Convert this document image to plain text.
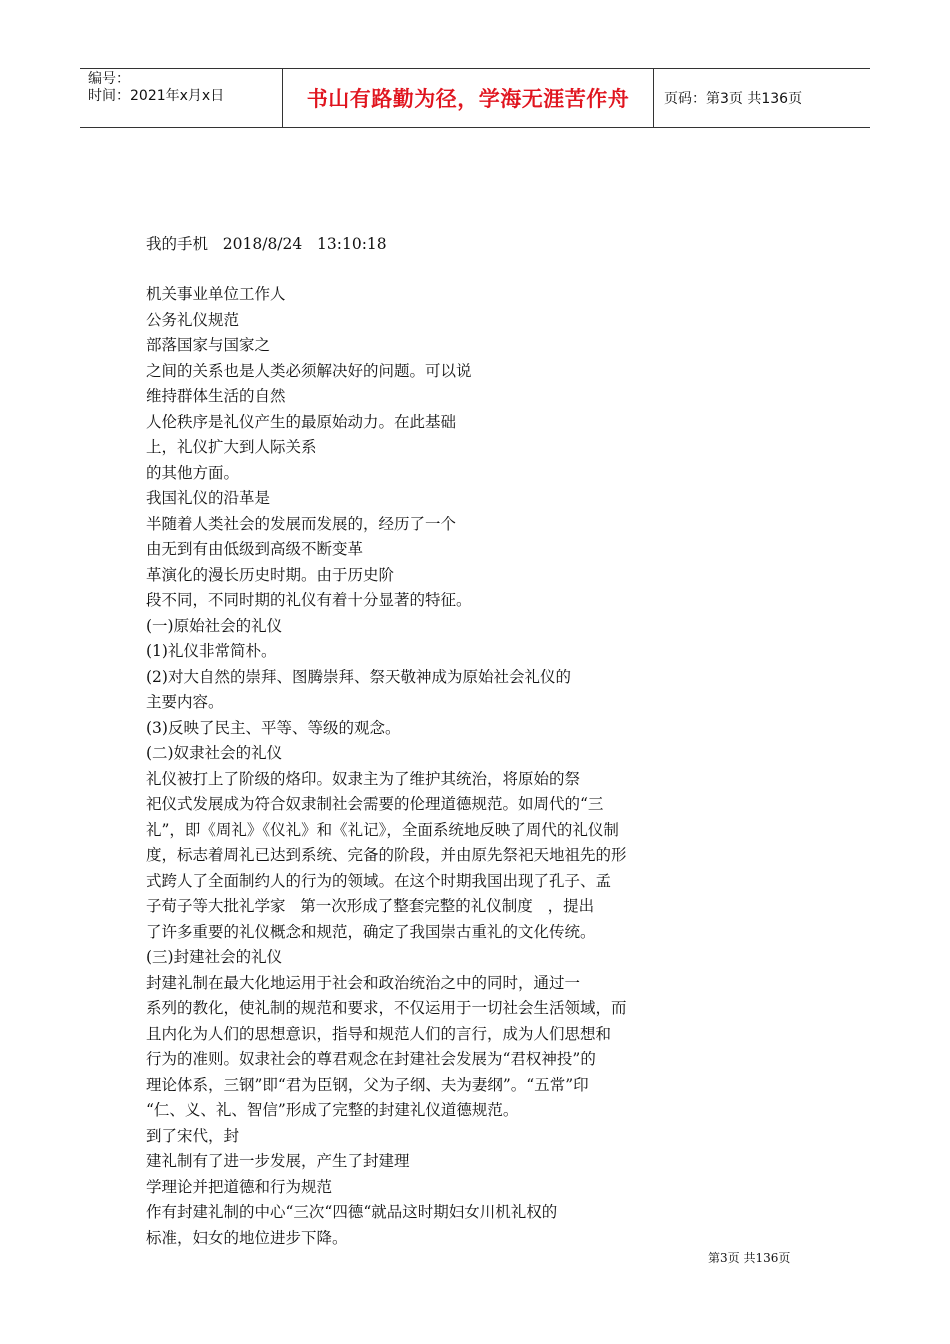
编号：
时间：2021年x月x日	书山有路勤为径，学海无涯苦作舟	页码：第3页 共136页
我的手机   2018/8/24   13:10:18
机关事业单位工作人
公务礼仪规范
部落国家与国家之
之间的关系也是人类必须解决好的问题。可以说
维持群体生活的自然
人伦秩序是礼仪产生的最原始动力。在此基础
上，礼仪扩大到人际关系
的其他方面。
我国礼仪的沿革是
半随着人类社会的发展而发展的，经历了一个
由无到有由低级到高级不断变革
革演化的漫长历史时期。由于历史阶
段不同，不同时期的礼仪有着十分显著的特征。
(一)原始社会的礼仪
(1)礼仪非常简朴。
(2)对大自然的崇拜、图腾崇拜、祭天敬神成为原始社会礼仪的
主要内容。
(3)反映了民主、平等、等级的观念。
(二)奴隶社会的礼仪
礼仪被打上了阶级的烙印。奴隶主为了维护其统治，将原始的祭
祀仪式发展成为符合奴隶制社会需要的伦理道德规范。如周代的“三
礼”，即《周礼》《仪礼》和《礼记》，全面系统地反映了周代的礼仪制
度，标志着周礼已达到系统、完备的阶段，并由原先祭祀天地祖先的形
式跨人了全面制约人的行为的领域。在这个时期我国出现了孔子、孟
子荀子等大批礼学家   第一次形成了整套完整的礼仪制度   ，提出
了许多重要的礼仪概念和规范，确定了我国崇古重礼的文化传统。
(三)封建社会的礼仪
封建礼制在最大化地运用于社会和政治统治之中的同时，通过一
系列的教化，使礼制的规范和要求，不仅运用于一切社会生活领域，而
且内化为人们的思想意识，指导和规范人们的言行，成为人们思想和
行为的准则。奴隶社会的尊君观念在封建社会发展为“君权神投”的
理论体系，三钢”即“君为臣钢，父为子纲、夫为妻纲”。“五常”印
“仁、义、礼、智信”形成了完整的封建礼仪道德规范。
到了宋代，封
建礼制有了进一步发展，产生了封建理
学理论并把道德和行为规范
作有封建礼制的中心“三次“四德“就品这时期妇女川机礼权的
标准，妇女的地位进步下降。
第3页 共136页
